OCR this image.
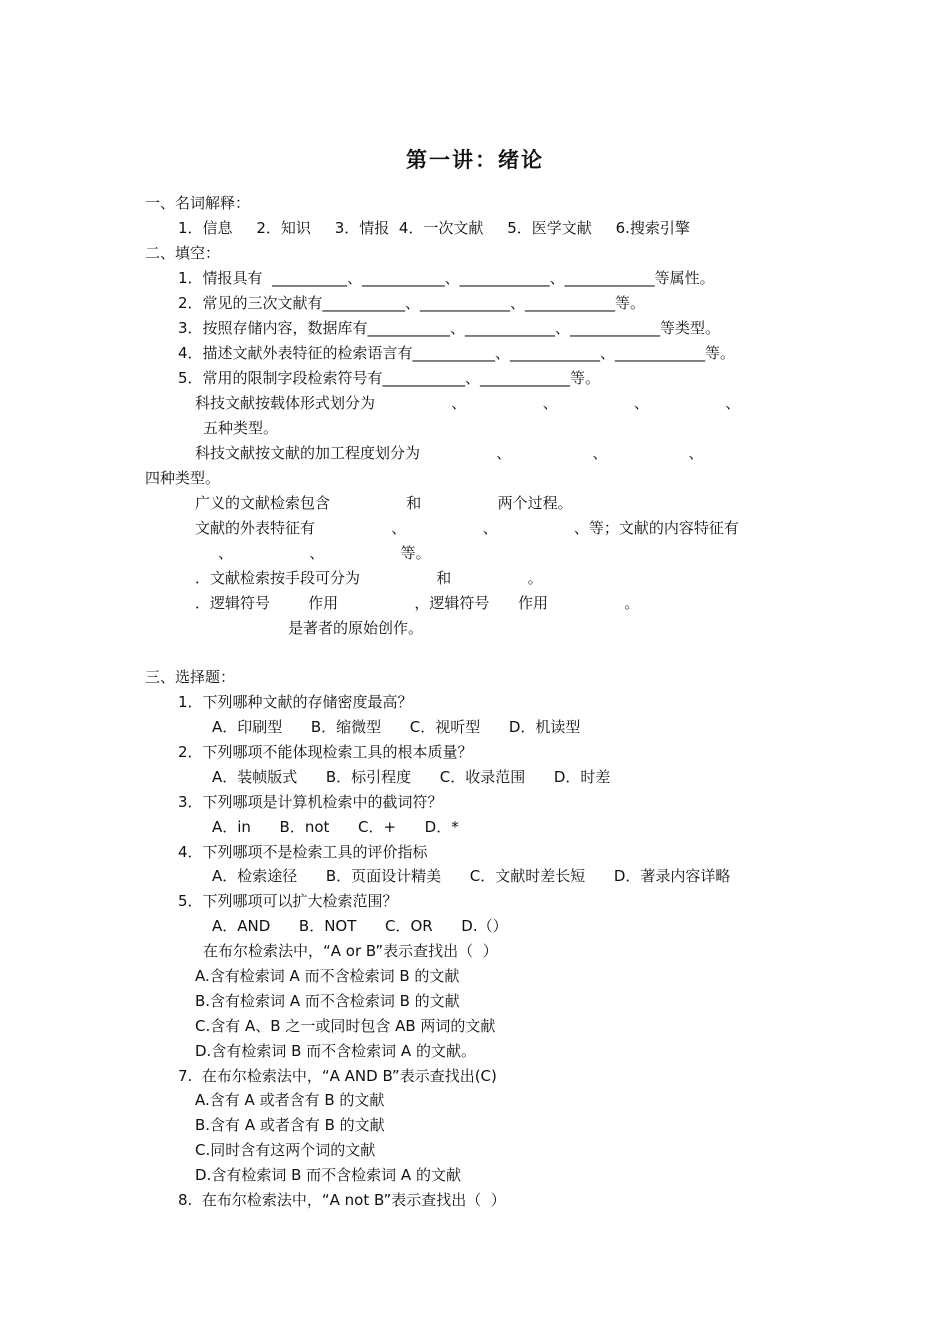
第一讲：绪论
一、名词解释：
1．信息     2．知识     3．情报  4．一次文献     5．医学文献     6.搜索引擎
二、填空：
1．情报具有  __________、___________、____________、____________等属性。
2．常见的三次文献有___________、____________、____________等。
3．按照存储内容，数据库有___________、____________、____________等类型。
4．描述文献外表特征的检索语言有___________、____________、____________等。
5．常用的限制字段检索符号有___________、____________等。
科技文献按载体形式划分为                、                、                、                、
五种类型。
科技文献按文献的加工程度划分为                、                 、                 、
四种类型。
广义的文献检索包含                和                两个过程。
文献的外表特征有                、                、                、等；文献的内容特征有
、                、                等。
．文献检索按手段可分为                和                。
．逻辑符号        作用                ，逻辑符号      作用                。
是著者的原始创作。
三、选择题：
1．下列哪种文献的存储密度最高？
A．印刷型      B．缩微型      C．视听型      D．机读型
2．下列哪项不能体现检索工具的根本质量？
A．装帧版式      B．标引程度      C．收录范围      D．时差
3．下列哪项是计算机检索中的截词符？
A．in      B．not      C．+      D．*
4．下列哪项不是检索工具的评价指标
A．检索途径      B．页面设计精美      C．文献时差长短      D．著录内容详略
5．下列哪项可以扩大检索范围？
A．AND      B．NOT      C．OR      D.（）
在布尔检索法中，“A or B”表示查找出（  ）
A.含有检索词 A 而不含检索词 B 的文献
B.含有检索词 A 而不含检索词 B 的文献
C.含有 A、B 之一或同时包含 AB 两词的文献
D.含有检索词 B 而不含检索词 A 的文献。
7.  在布尔检索法中，“A AND B”表示查找出(C)
A.含有 A 或者含有 B 的文献
B.含有 A 或者含有 B 的文献
C.同时含有这两个词的文献
D.含有检索词 B 而不含检索词 A 的文献
8.  在布尔检索法中，“A not B”表示查找出（  ）
